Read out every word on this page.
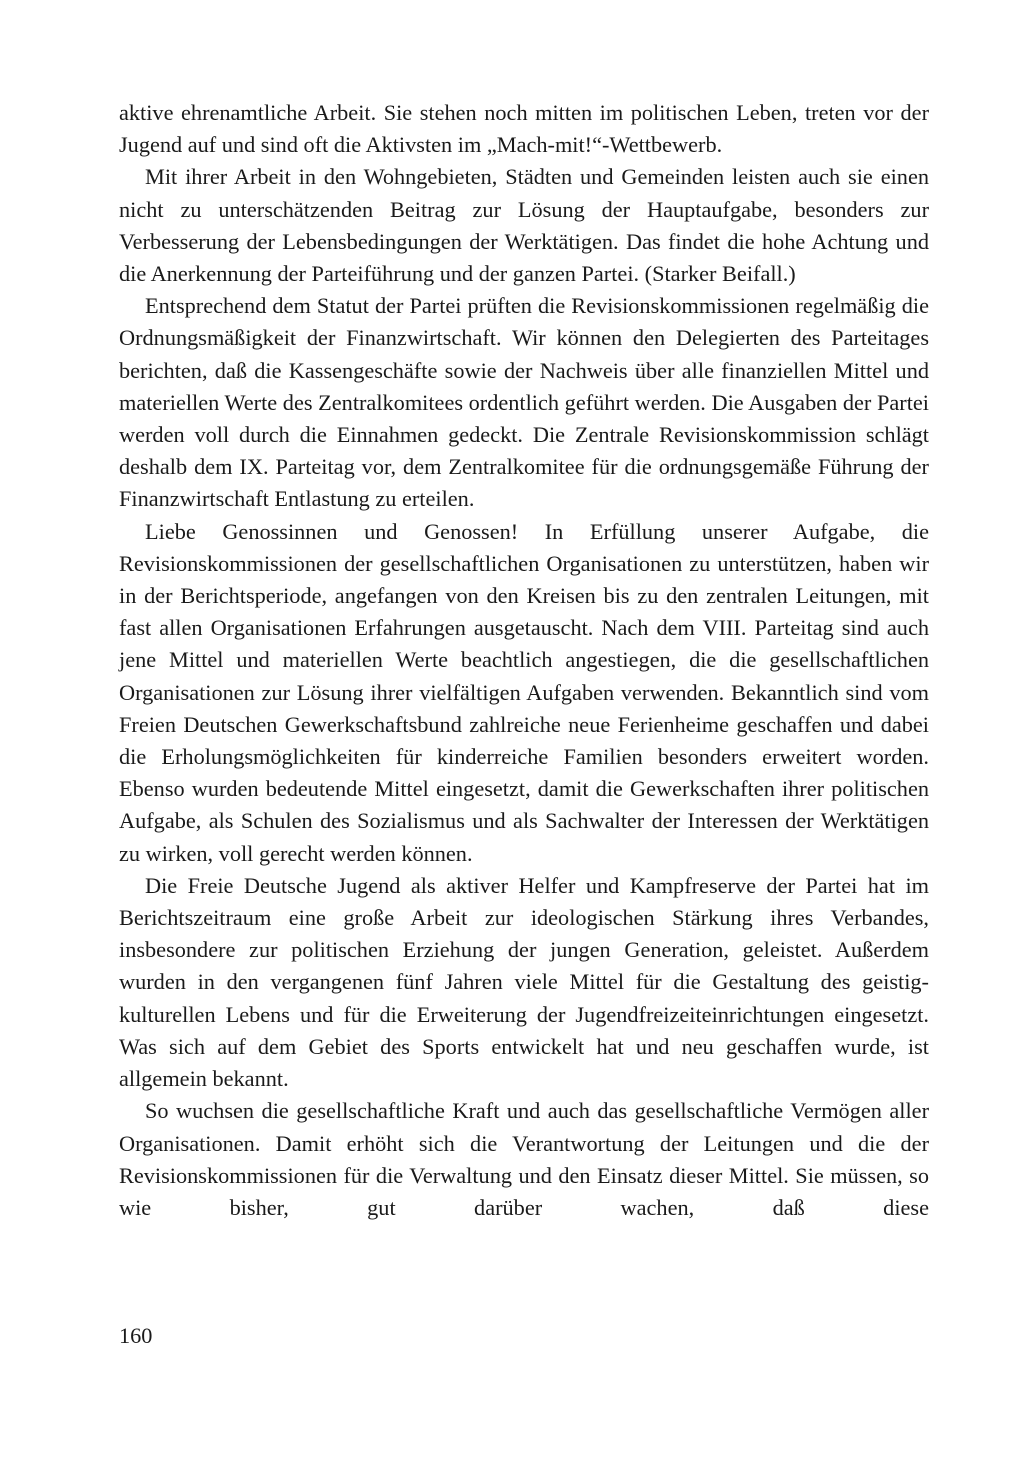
aktive ehrenamtliche Arbeit. Sie stehen noch mitten im politischen Leben, treten vor der Jugend auf und sind oft die Aktivsten im „Mach-mit!“-Wettbewerb.

Mit ihrer Arbeit in den Wohngebieten, Städten und Gemeinden leisten auch sie einen nicht zu unterschätzenden Beitrag zur Lösung der Hauptaufgabe, besonders zur Verbesserung der Lebensbedingungen der Werktätigen. Das findet die hohe Achtung und die Anerkennung der Parteiführung und der ganzen Partei. (Starker Beifall.)

Entsprechend dem Statut der Partei prüften die Revisionskommissionen regelmäßig die Ordnungsmäßigkeit der Finanzwirtschaft. Wir können den Delegierten des Parteitages berichten, daß die Kassengeschäfte sowie der Nachweis über alle finanziellen Mittel und materiellen Werte des Zentralkomitees ordentlich geführt werden. Die Ausgaben der Partei werden voll durch die Einnahmen gedeckt. Die Zentrale Revisionskommission schlägt deshalb dem IX. Parteitag vor, dem Zentralkomitee für die ordnungsgemäße Führung der Finanzwirtschaft Entlastung zu erteilen.

Liebe Genossinnen und Genossen! In Erfüllung unserer Aufgabe, die Revisionskommissionen der gesellschaftlichen Organisationen zu unterstützen, haben wir in der Berichtsperiode, angefangen von den Kreisen bis zu den zentralen Leitungen, mit fast allen Organisationen Erfahrungen ausgetauscht. Nach dem VIII. Parteitag sind auch jene Mittel und materiellen Werte beachtlich angestiegen, die die gesellschaftlichen Organisationen zur Lösung ihrer vielfältigen Aufgaben verwenden. Bekanntlich sind vom Freien Deutschen Gewerkschaftsbund zahlreiche neue Ferienheime geschaffen und dabei die Erholungsmöglichkeiten für kinderreiche Familien besonders erweitert worden. Ebenso wurden bedeutende Mittel eingesetzt, damit die Gewerkschaften ihrer politischen Aufgabe, als Schulen des Sozialismus und als Sachwalter der Interessen der Werktätigen zu wirken, voll gerecht werden können.

Die Freie Deutsche Jugend als aktiver Helfer und Kampfreserve der Partei hat im Berichtszeitraum eine große Arbeit zur ideologischen Stärkung ihres Verbandes, insbesondere zur politischen Erziehung der jungen Generation, geleistet. Außerdem wurden in den vergangenen fünf Jahren viele Mittel für die Gestaltung des geistig-kulturellen Lebens und für die Erweiterung der Jugendfreizeiteinrichtungen eingesetzt. Was sich auf dem Gebiet des Sports entwickelt hat und neu geschaffen wurde, ist allgemein bekannt.

So wuchsen die gesellschaftliche Kraft und auch das gesellschaftliche Vermögen aller Organisationen. Damit erhöht sich die Verantwortung der Leitungen und die der Revisionskommissionen für die Verwaltung und den Einsatz dieser Mittel. Sie müssen, so wie bisher, gut darüber wachen, daß diese

160
